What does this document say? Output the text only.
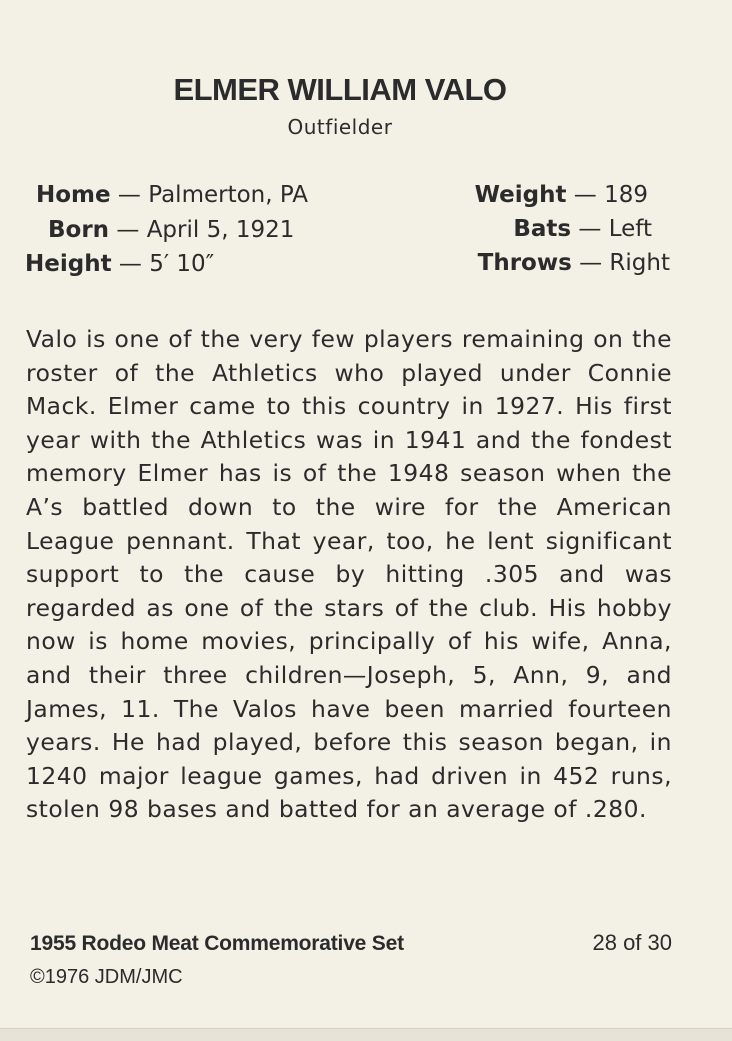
ELMER WILLIAM VALO
Outfielder
Home — Palmerton, PA
Born — April 5, 1921
Height — 5′ 10″
Weight — 189
Bats — Left
Throws — Right
Valo is one of the very few players remaining on the roster of the Athletics who played under Connie Mack. Elmer came to this country in 1927. His first year with the Athletics was in 1941 and the fondest memory Elmer has is of the 1948 season when the A’s battled down to the wire for the American League pennant. That year, too, he lent significant support to the cause by hitting .305 and was regarded as one of the stars of the club. His hobby now is home movies, principally of his wife, Anna, and their three children—Joseph, 5, Ann, 9, and James, 11. The Valos have been married fourteen years. He had played, before this season began, in 1240 major league games, had driven in 452 runs, stolen 98 bases and batted for an average of .280.
1955 Rodeo Meat Commemorative Set	28 of 30
©1976 JDM/JMC
